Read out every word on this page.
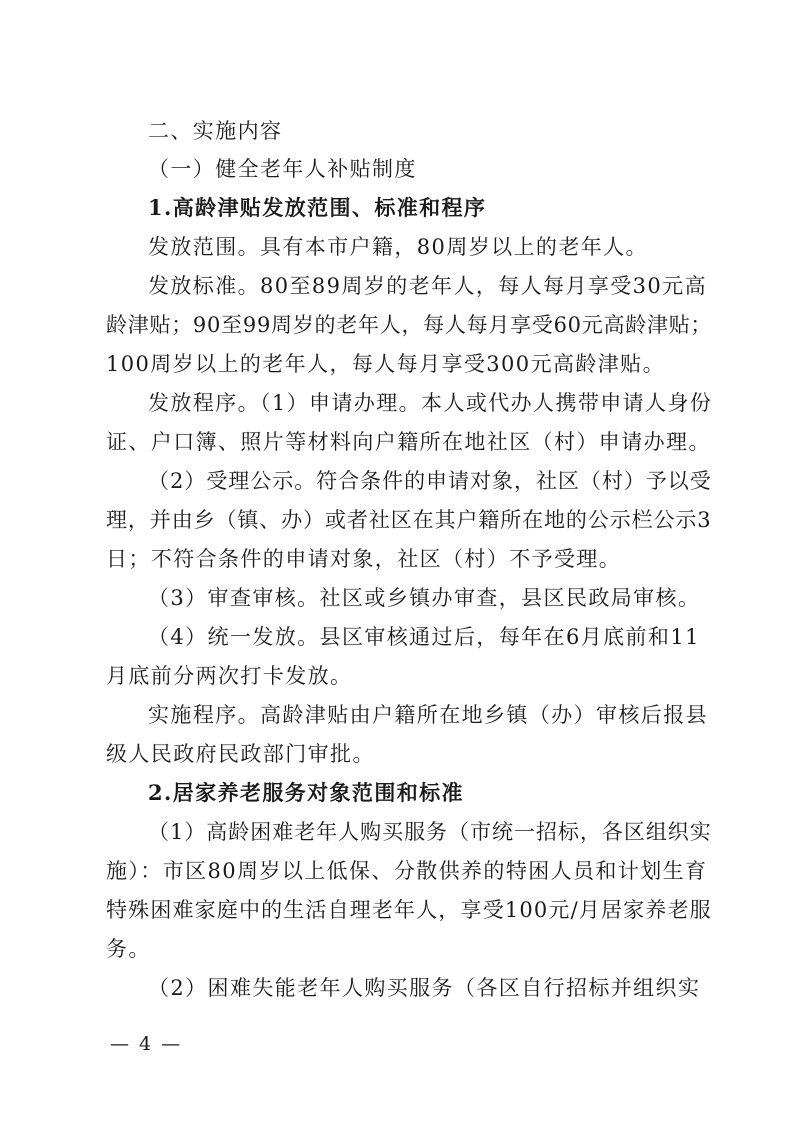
二、实施内容
（一）健全老年人补贴制度
1.高龄津贴发放范围、标准和程序
发放范围。具有本市户籍，80周岁以上的老年人。
发放标准。80至89周岁的老年人，每人每月享受30元高
龄津贴；90至99周岁的老年人，每人每月享受60元高龄津贴；
100周岁以上的老年人，每人每月享受300元高龄津贴。
发放程序。（1）申请办理。本人或代办人携带申请人身份
证、户口簿、照片等材料向户籍所在地社区（村）申请办理。
（2）受理公示。符合条件的申请对象，社区（村）予以受
理，并由乡（镇、办）或者社区在其户籍所在地的公示栏公示3
日；不符合条件的申请对象，社区（村）不予受理。
（3）审查审核。社区或乡镇办审查，县区民政局审核。
（4）统一发放。县区审核通过后，每年在6月底前和11
月底前分两次打卡发放。
实施程序。高龄津贴由户籍所在地乡镇（办）审核后报县
级人民政府民政部门审批。
2.居家养老服务对象范围和标准
（1）高龄困难老年人购买服务（市统一招标，各区组织实
施）：市区80周岁以上低保、分散供养的特困人员和计划生育
特殊困难家庭中的生活自理老年人，享受100元/月居家养老服
务。
（2）困难失能老年人购买服务（各区自行招标并组织实
— 4 —
